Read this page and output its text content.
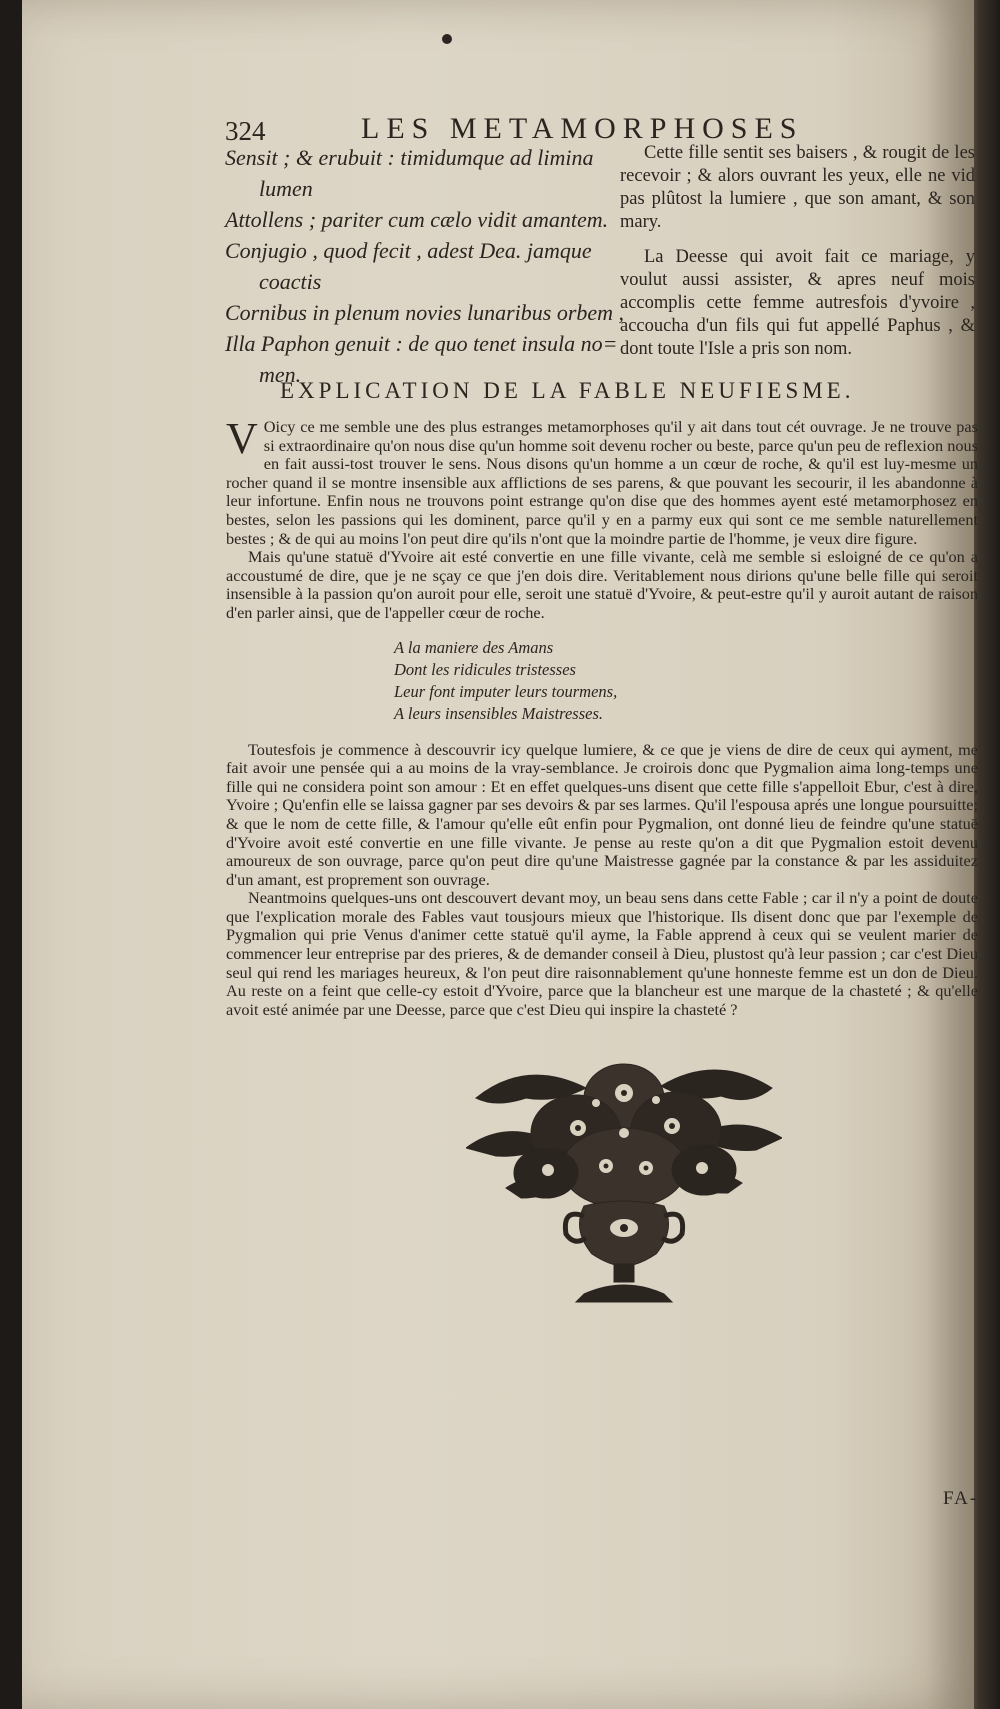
324	LES METAMORPHOSES
Sensit ; & erubuit : timidumque ad limina
lumen
Attollens ; pariter cum cælo vidit amantem.
Conjugio , quod fecit , adest Dea. jamque
coactis
Cornibus in plenum novies lunaribus orbem ,
Illa Paphon genuit : de quo tenet insula no=
men.

Cette fille sentit ses baisers , & rougit de les recevoir ; & alors ouvrant les yeux, elle ne vid pas plûtost la lumiere , que son amant, & son mary.

La Deesse qui avoit fait ce mariage, y voulut aussi assister, & apres neuf mois accomplis cette femme autresfois d'yvoire , accoucha d'un fils qui fut appellé Paphus , & dont toute l'Isle a pris son nom.

EXPLICATION DE LA FABLE NEUFIESME.

V Oicy ce me semble une des plus estranges metamorphoses qu'il y ait dans tout cét ouvrage. Je ne trouve pas si extraordinaire qu'on nous dise qu'un homme soit devenu rocher ou beste, parce qu'un peu de reflexion nous en fait aussi-tost trouver le sens. Nous disons qu'un homme a un cœur de roche, & qu'il est luy-mesme un rocher quand il se montre insensible aux afflictions de ses parens, & que pouvant les secourir, il les abandonne à leur infortune. Enfin nous ne trouvons point estrange qu'on dise que des hommes ayent esté metamorphosez en bestes, selon les passions qui les dominent, parce qu'il y en a parmy eux qui sont ce me semble naturellement bestes ; & de qui au moins l'on peut dire qu'ils n'ont que la moindre partie de l'homme, je veux dire figure.

Mais qu'une statuë d'Yvoire ait esté convertie en une fille vivante, celà me semble si esloigné de ce qu'on a accoustumé de dire, que je ne sçay ce que j'en dois dire. Veritablement nous dirions qu'une belle fille qui seroit insensible à la passion qu'on auroit pour elle, seroit une statuë d'Yvoire, & peut-estre qu'il y auroit autant de raison d'en parler ainsi, que de l'appeller cœur de roche.

A la maniere des Amans
Dont les ridicules tristesses
Leur font imputer leurs tourmens,
A leurs insensibles Maistresses.

Toutesfois je commence à descouvrir icy quelque lumiere, & ce que je viens de dire de ceux qui ayment, me fait avoir une pensée qui a au moins de la vray-semblance. Je croirois donc que Pygmalion aima long-temps une fille qui ne considera point son amour : Et en effet quelques-uns disent que cette fille s'appelloit Ebur, c'est à dire, Yvoire ; Qu'enfin elle se laissa gagner par ses devoirs & par ses larmes. Qu'il l'espousa aprés une longue poursuitte; & que le nom de cette fille, & l'amour qu'elle eût enfin pour Pygmalion, ont donné lieu de feindre qu'une statuë d'Yvoire avoit esté convertie en une fille vivante. Je pense au reste qu'on a dit que Pygmalion estoit devenu amoureux de son ouvrage, parce qu'on peut dire qu'une Maistresse gagnée par la constance & par les assiduitez d'un amant, est proprement son ouvrage.

Neantmoins quelques-uns ont descouvert devant moy, un beau sens dans cette Fable ; car il n'y a point de doute que l'explication morale des Fables vaut tousjours mieux que l'historique. Ils disent donc que par l'exemple de Pygmalion qui prie Venus d'animer cette statuë qu'il ayme, la Fable apprend à ceux qui se veulent marier de commencer leur entreprise par des prieres, & de demander conseil à Dieu, plustost qu'à leur passion ; car c'est Dieu seul qui rend les mariages heureux, & l'on peut dire raisonnablement qu'une honneste femme est un don de Dieu. Au reste on a feint que celle-cy estoit d'Yvoire, parce que la blancheur est une marque de la chasteté ; & qu'elle avoit esté animée par une Deesse, parce que c'est Dieu qui inspire la chasteté ?

FA-
